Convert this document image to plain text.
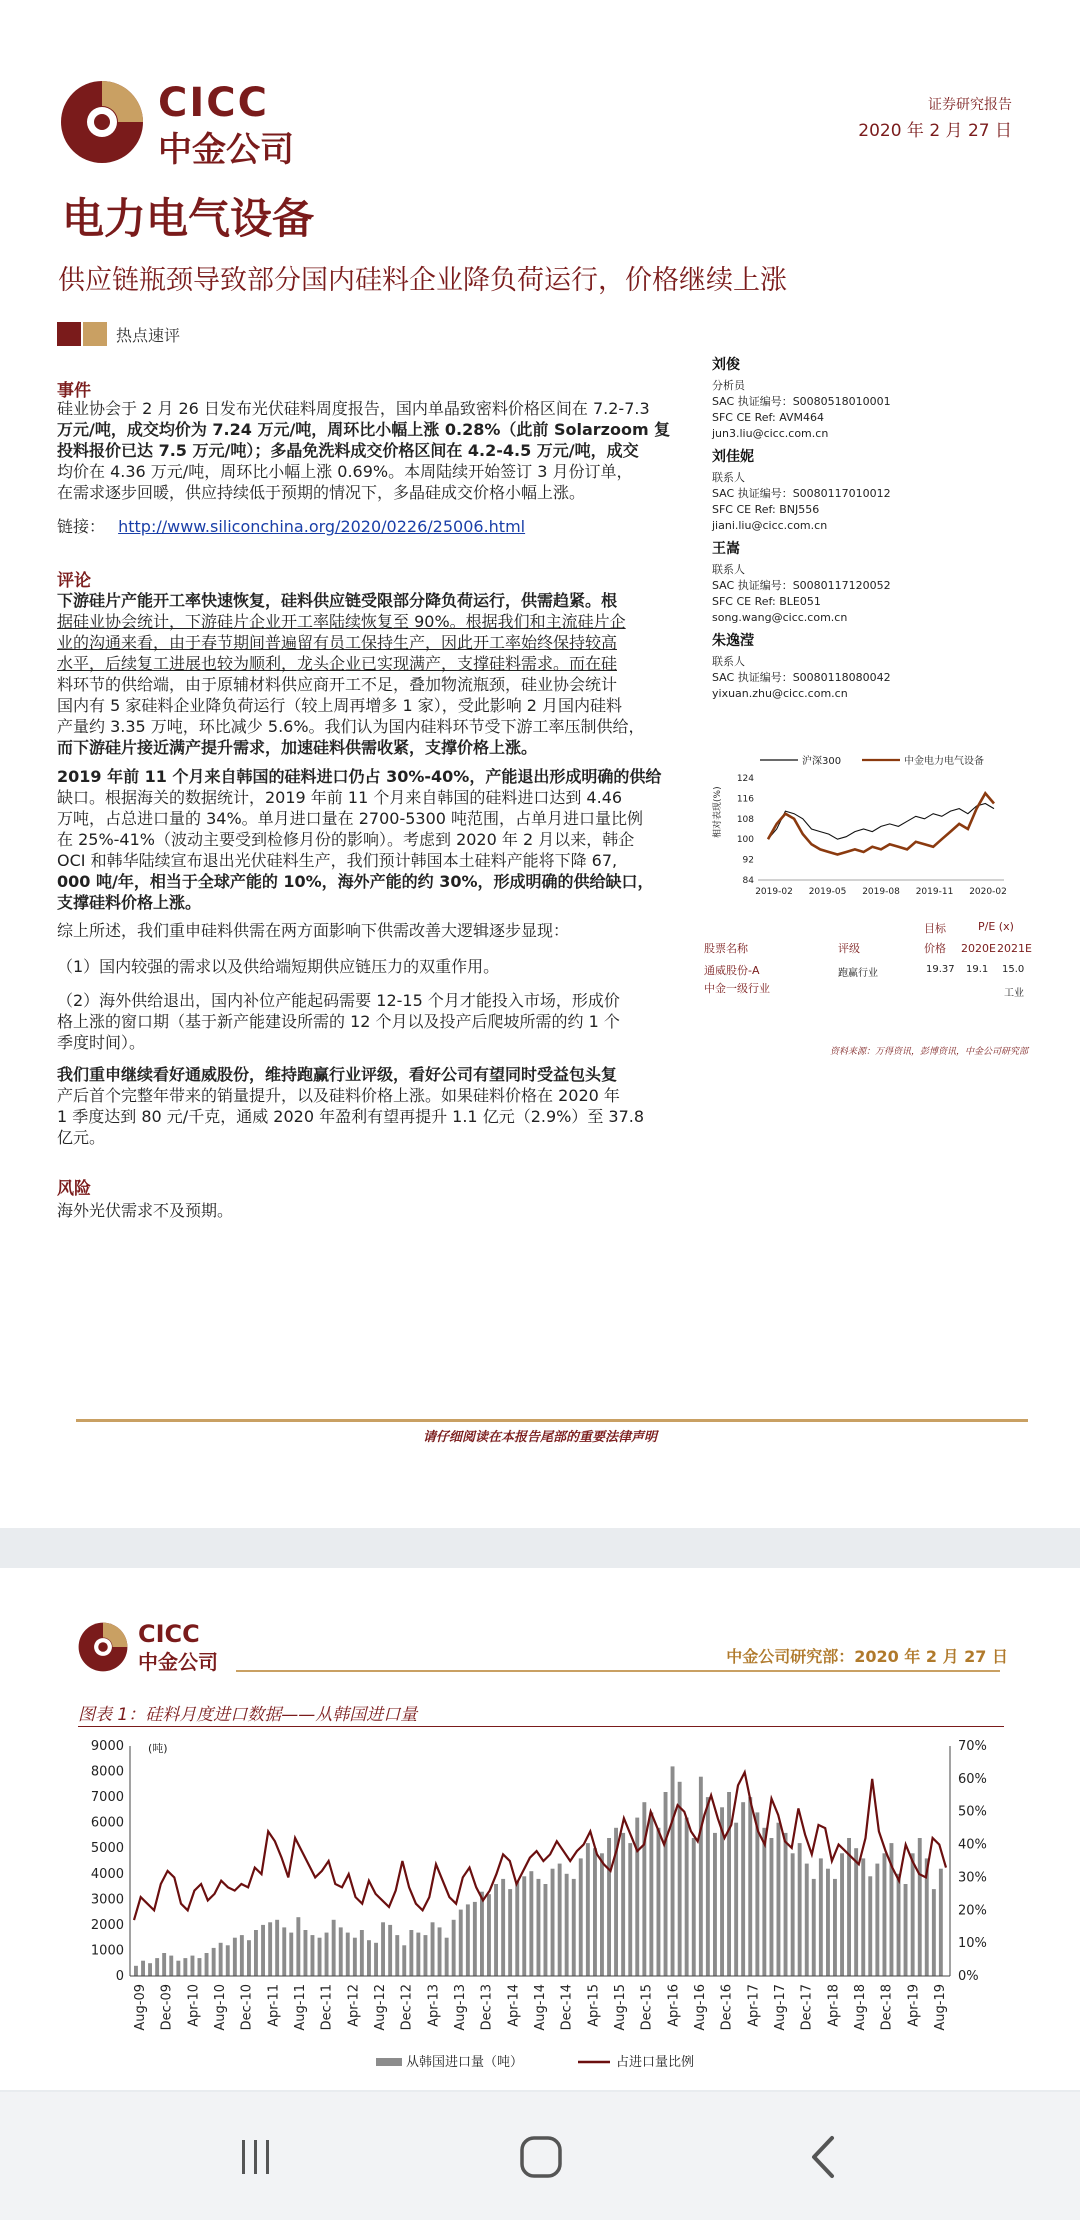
CICC
中金公司
证券研究报告
2020 年 2 月 27 日
电力电气设备
供应链瓶颈导致部分国内硅料企业降负荷运行，价格继续上涨
热点速评
事件
硅业协会于 2 月 26 日发布光伏硅料周度报告，国内单晶致密料价格区间在 7.2-7.3
万元/吨，成交均价为 7.24 万元/吨，周环比小幅上涨 0.28%（此前 Solarzoom 复
投料报价已达 7.5 万元/吨）；多晶免洗料成交价格区间在 4.2-4.5 万元/吨，成交
均价在 4.36 万元/吨，周环比小幅上涨 0.69%。本周陆续开始签订 3 月份订单，
在需求逐步回暖，供应持续低于预期的情况下，多晶硅成交价格小幅上涨。
链接： http://www.siliconchina.org/2020/0226/25006.html
评论
下游硅片产能开工率快速恢复，硅料供应链受限部分降负荷运行，供需趋紧。根
据硅业协会统计，下游硅片企业开工率陆续恢复至 90%。根据我们和主流硅片企
业的沟通来看，由于春节期间普遍留有员工保持生产，因此开工率始终保持较高
水平，后续复工进展也较为顺利，龙头企业已实现满产，支撑硅料需求。而在硅
料环节的供给端，由于原辅材料供应商开工不足，叠加物流瓶颈，硅业协会统计
国内有 5 家硅料企业降负荷运行（较上周再增多 1 家），受此影响 2 月国内硅料
产量约 3.35 万吨，环比减少 5.6%。我们认为国内硅料环节受下游工率压制供给，
而下游硅片接近满产提升需求，加速硅料供需收紧，支撑价格上涨。
2019 年前 11 个月来自韩国的硅料进口仍占 30%-40%，产能退出形成明确的供给
缺口。根据海关的数据统计，2019 年前 11 个月来自韩国的硅料进口达到 4.46
万吨，占总进口量的 34%。单月进口量在 2700-5300 吨范围，占单月进口量比例
在 25%-41%（波动主要受到检修月份的影响）。考虑到 2020 年 2 月以来，韩企
OCI 和韩华陆续宣布退出光伏硅料生产，我们预计韩国本土硅料产能将下降 67,
000 吨/年，相当于全球产能的 10%，海外产能的约 30%，形成明确的供给缺口，
支撑硅料价格上涨。
综上所述，我们重申硅料供需在两方面影响下供需改善大逻辑逐步显现：
（1）国内较强的需求以及供给端短期供应链压力的双重作用。
（2）海外供给退出，国内补位产能起码需要 12-15 个月才能投入市场，形成价
格上涨的窗口期（基于新产能建设所需的 12 个月以及投产后爬坡所需的约 1 个
季度时间）。
我们重申继续看好通威股份，维持跑赢行业评级，看好公司有望同时受益包头复
产后首个完整年带来的销量提升，以及硅料价格上涨。如果硅料价格在 2020 年
1 季度达到 80 元/千克，通威 2020 年盈利有望再提升 1.1 亿元（2.9%）至 37.8
亿元。
风险
海外光伏需求不及预期。
刘俊
分析员
SAC 执证编号：S0080518010001
SFC CE Ref: AVM464
jun3.liu@cicc.com.cn
刘佳妮
联系人
SAC 执证编号：S0080117010012
SFC CE Ref: BNJ556
jiani.liu@cicc.com.cn
王嵩
联系人
SAC 执证编号：S0080117120052
SFC CE Ref: BLE051
song.wang@cicc.com.cn
朱逸滢
联系人
SAC 执证编号：S0080118080042
yixuan.zhu@cicc.com.cn
沪深300	中金电力电气设备
相对表现(%)
124
116
108
100
92
84
2019-02 2019-05 2019-08 2019-11 2020-02
目标	P/E (x)
股票名称	评级	价格 2020E 2021E
通威股份-A	跑赢行业	19.37 19.1 15.0
中金一级行业	工业
资料来源：万得资讯，彭博资讯，中金公司研究部
请仔细阅读在本报告尾部的重要法律声明
CICC
中金公司	中金公司研究部：2020 年 2 月 27 日
图表 1：硅料月度进口数据——从韩国进口量
(吨)
9000
8000
7000
6000
5000
4000
3000
2000
1000
0
70%
60%
50%
40%
30%
20%
10%
0%
Aug-09 Dec-09 Apr-10 Aug-10 Dec-10 Apr-11 Aug-11 Dec-11 Apr-12 Aug-12 Dec-12 Apr-13 Aug-13 Dec-13 Apr-14 Aug-14 Dec-14 Apr-15 Aug-15 Dec-15 Apr-16 Aug-16 Dec-16 Apr-17 Aug-17 Dec-17 Apr-18 Aug-18 Dec-18 Apr-19 Aug-19
从韩国进口量（吨）	占进口量比例
